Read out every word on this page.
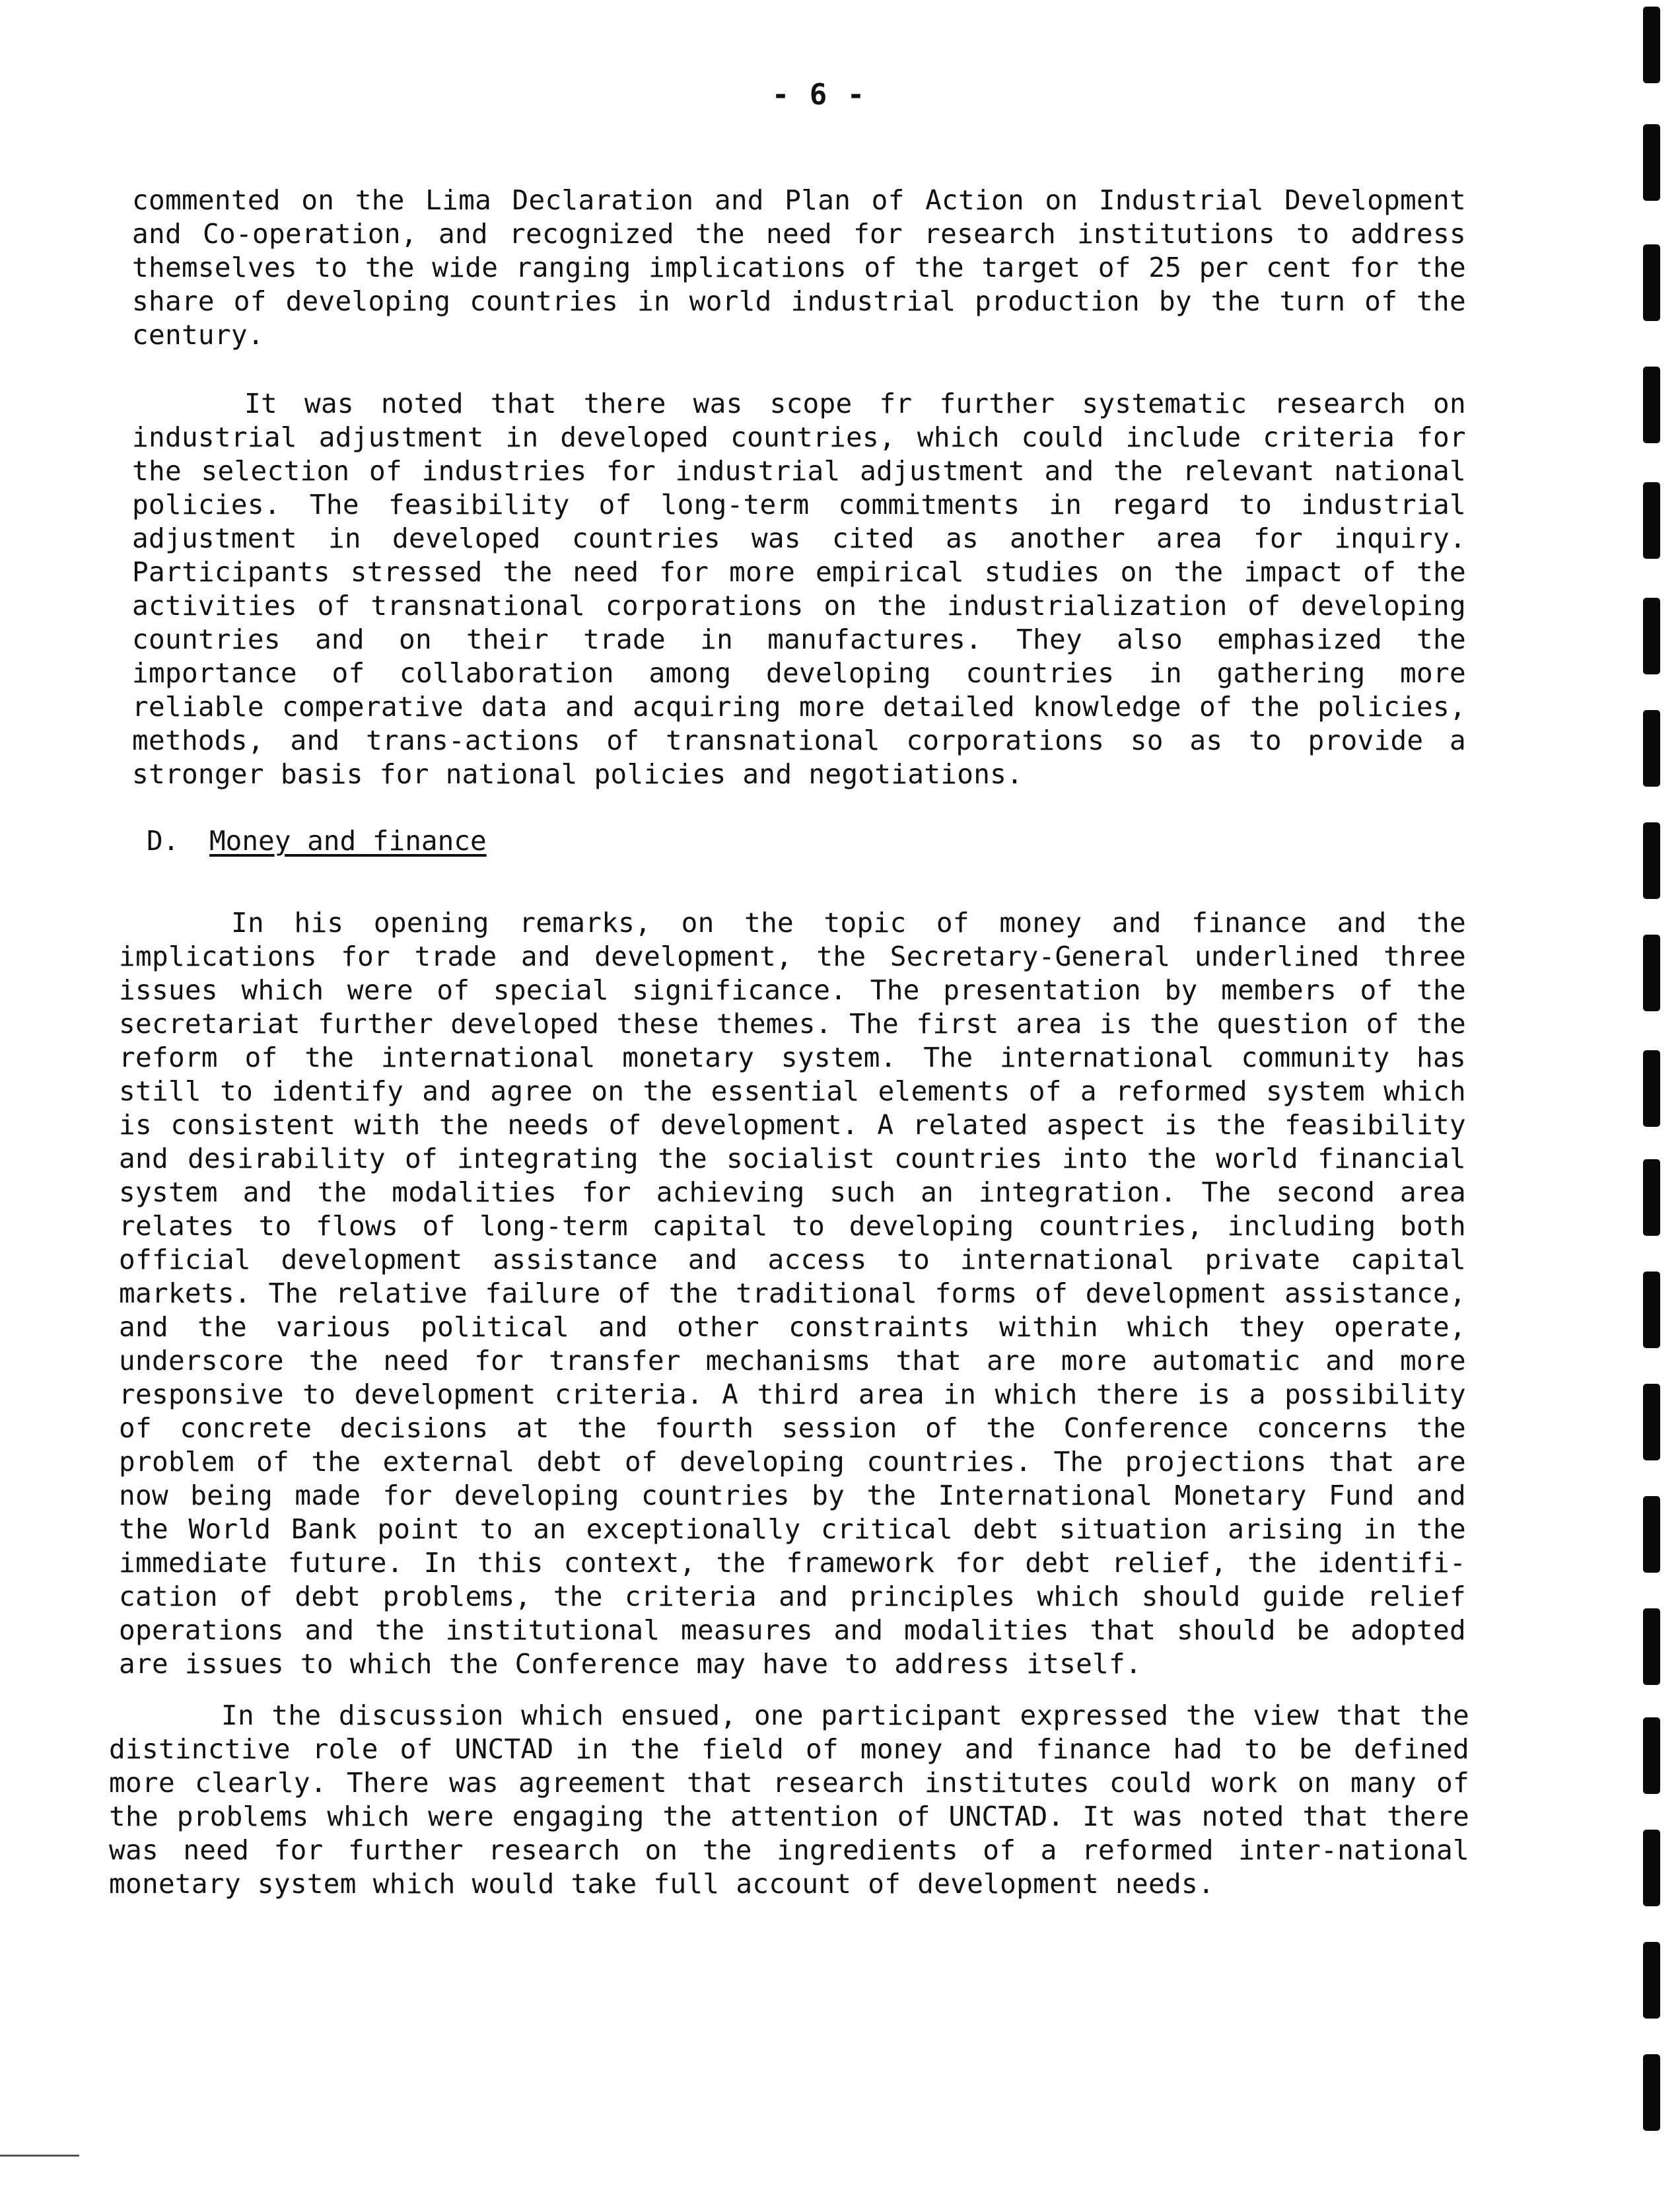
- 6 -

commented on the Lima Declaration and Plan of Action on Industrial Development and Co-operation, and recognized the need for research institutions to address themselves to the wide ranging implications of the target of 25 per cent for the share of developing countries in world industrial production by the turn of the century.

It was noted that there was scope fr further systematic research on industrial adjustment in developed countries, which could include criteria for the selection of industries for industrial adjustment and the relevant national policies. The feasibility of long-term commitments in regard to industrial adjustment in developed countries was cited as another area for inquiry. Participants stressed the need for more empirical studies on the impact of the activities of transnational corporations on the industrialization of developing countries and on their trade in manufactures. They also emphasized the importance of collaboration among developing countries in gathering more reliable comperative data and acquiring more detailed knowledge of the policies, methods, and trans-actions of transnational corporations so as to provide a stronger basis for national policies and negotiations.

D. Money and finance

In his opening remarks, on the topic of money and finance and the implications for trade and development, the Secretary-General underlined three issues which were of special significance. The presentation by members of the secretariat further developed these themes. The first area is the question of the reform of the international monetary system. The international community has still to identify and agree on the essential elements of a reformed system which is consistent with the needs of development. A related aspect is the feasibility and desirability of integrating the socialist countries into the world financial system and the modalities for achieving such an integration. The second area relates to flows of long-term capital to developing countries, including both official development assistance and access to international private capital markets. The relative failure of the traditional forms of development assistance, and the various political and other constraints within which they operate, underscore the need for transfer mechanisms that are more automatic and more responsive to development criteria. A third area in which there is a possibility of concrete decisions at the fourth session of the Conference concerns the problem of the external debt of developing countries. The projections that are now being made for developing countries by the International Monetary Fund and the World Bank point to an exceptionally critical debt situation arising in the immediate future. In this context, the framework for debt relief, the identifi-cation of debt problems, the criteria and principles which should guide relief operations and the institutional measures and modalities that should be adopted are issues to which the Conference may have to address itself.

In the discussion which ensued, one participant expressed the view that the distinctive role of UNCTAD in the field of money and finance had to be defined more clearly. There was agreement that research institutes could work on many of the problems which were engaging the attention of UNCTAD. It was noted that there was need for further research on the ingredients of a reformed inter-national monetary system which would take full account of development needs.
